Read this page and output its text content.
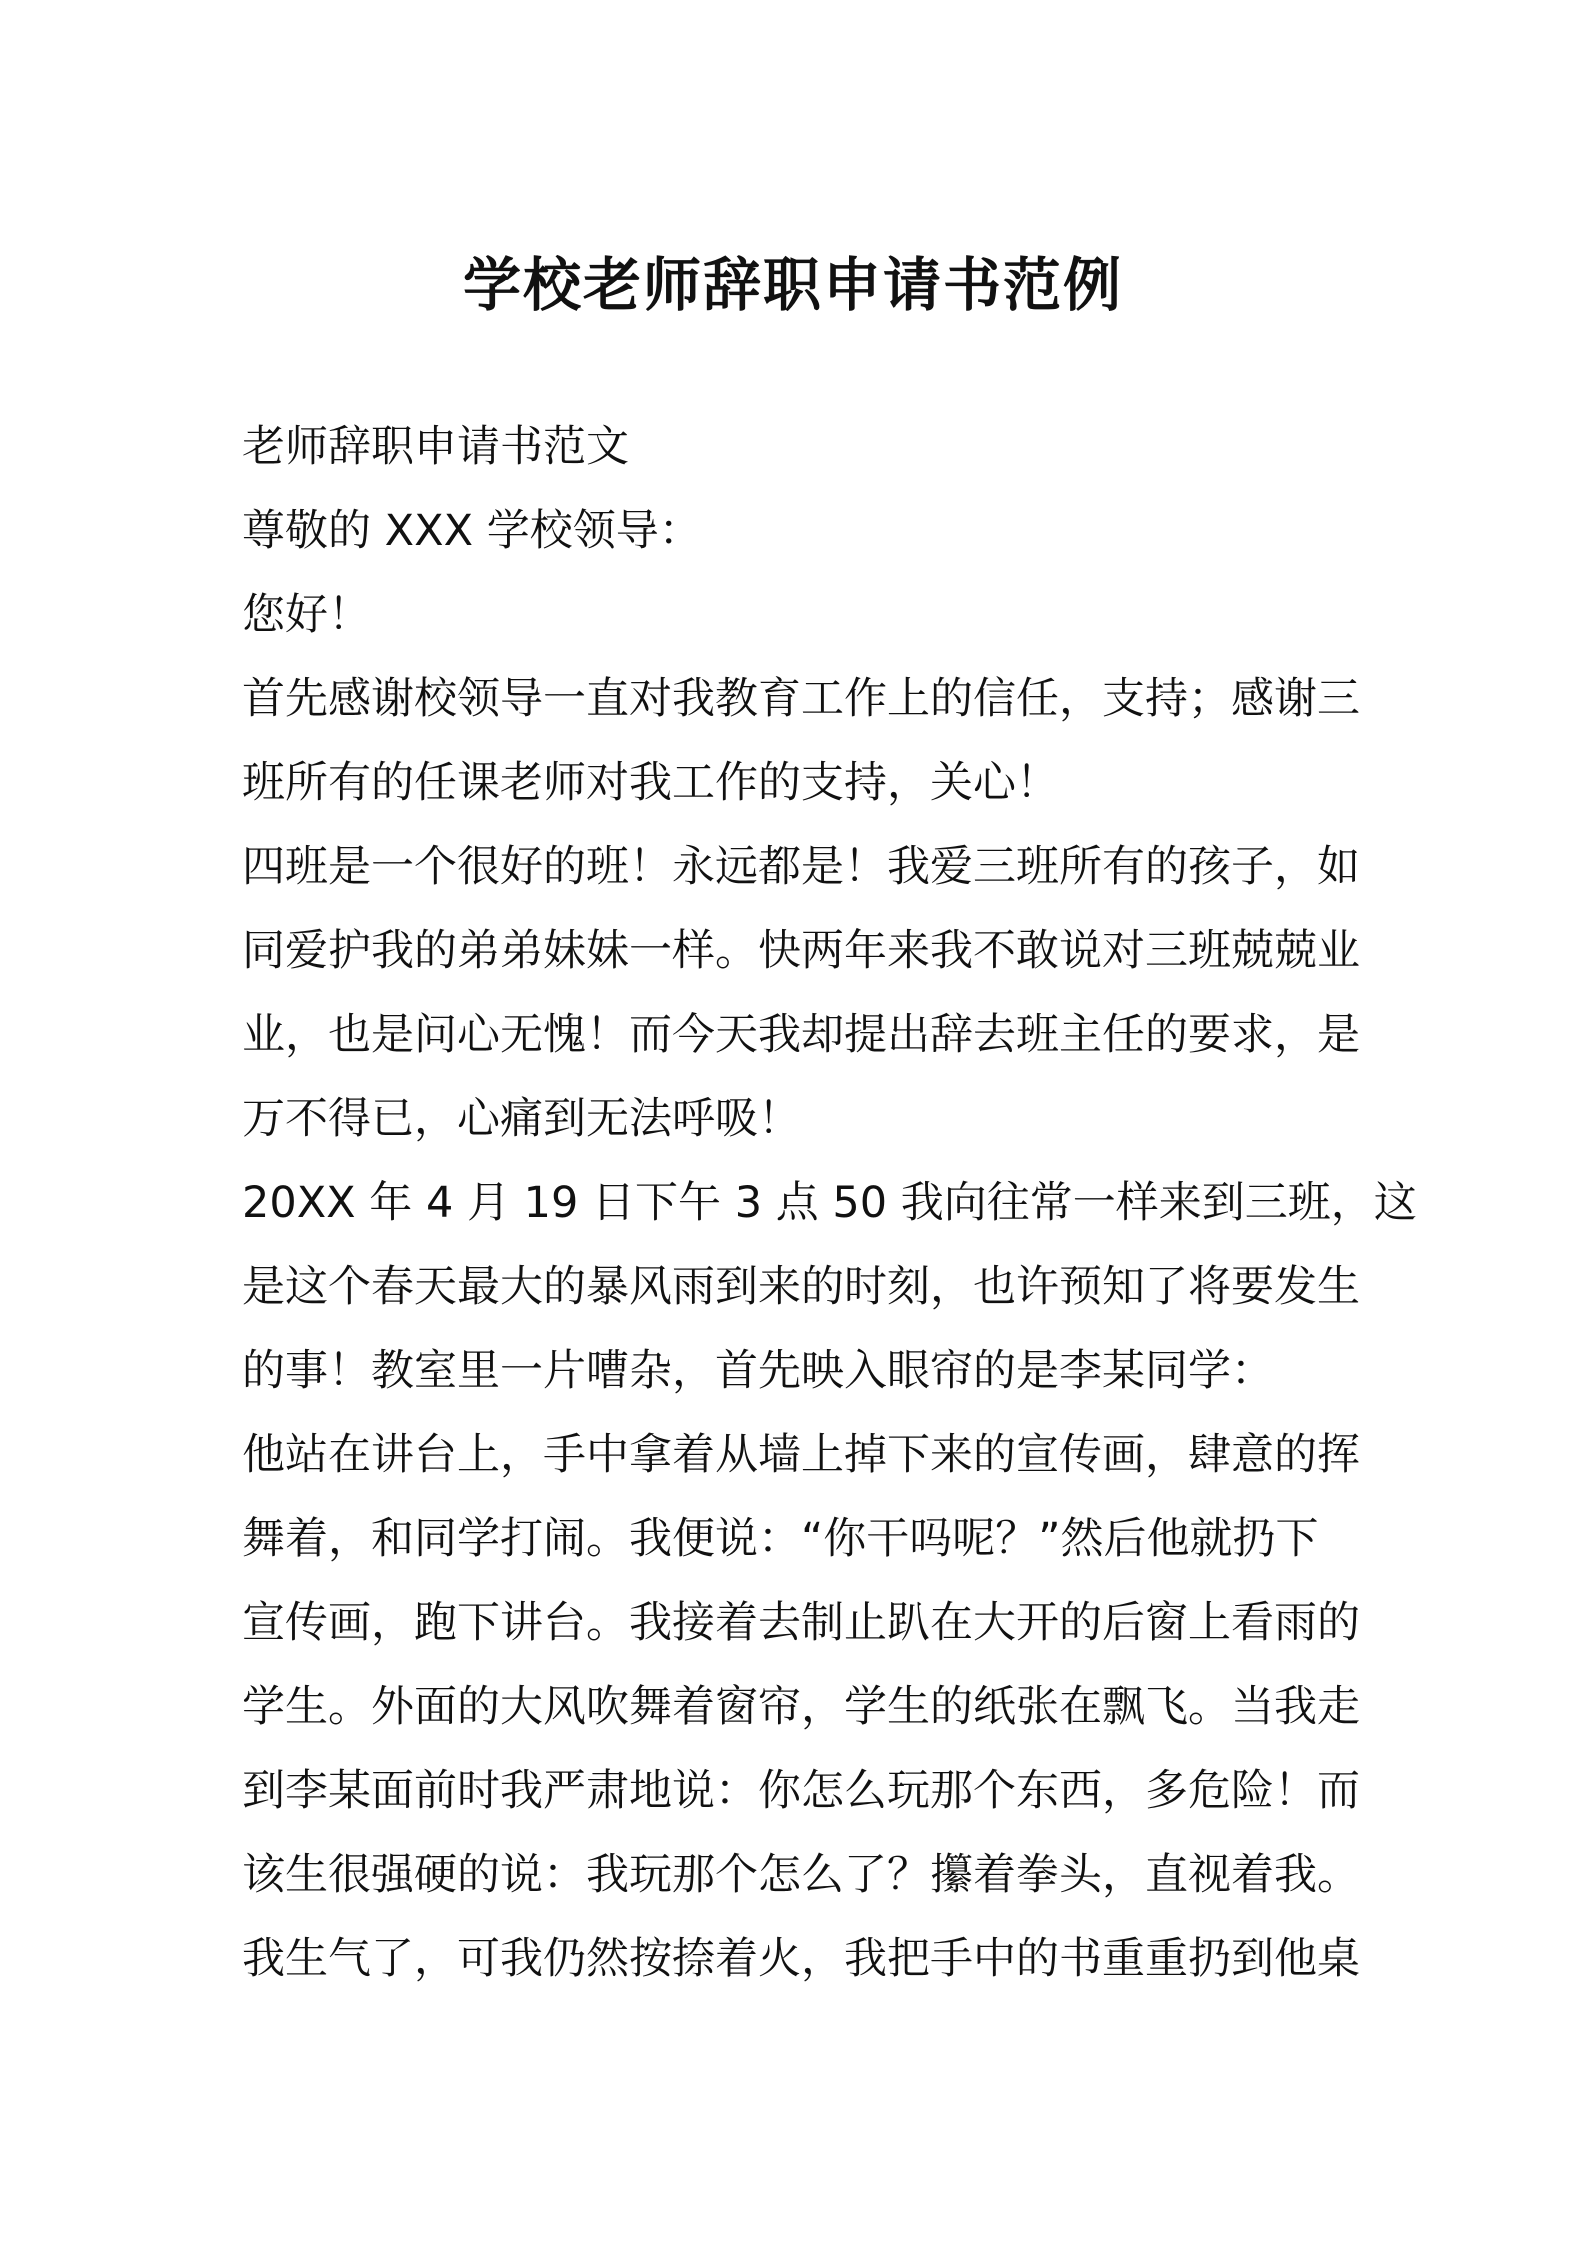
学校老师辞职申请书范例
老师辞职申请书范文
尊敬的 XXX 学校领导：
您好！
首先感谢校领导一直对我教育工作上的信任，支持；感谢三
班所有的任课老师对我工作的支持，关心！
四班是一个很好的班！永远都是！我爱三班所有的孩子，如
同爱护我的弟弟妹妹一样。快两年来我不敢说对三班兢兢业
业，也是问心无愧！而今天我却提出辞去班主任的要求，是
万不得已，心痛到无法呼吸！
20XX 年 4 月 19 日下午 3 点 50 我向往常一样来到三班，这
是这个春天最大的暴风雨到来的时刻，也许预知了将要发生
的事！教室里一片嘈杂，首先映入眼帘的是李某同学：
他站在讲台上，手中拿着从墙上掉下来的宣传画，肆意的挥
舞着，和同学打闹。我便说：“你干吗呢？”然后他就扔下
宣传画，跑下讲台。我接着去制止趴在大开的后窗上看雨的
学生。外面的大风吹舞着窗帘，学生的纸张在飘飞。当我走
到李某面前时我严肃地说：你怎么玩那个东西，多危险！而
该生很强硬的说：我玩那个怎么了？攥着拳头，直视着我。
我生气了，可我仍然按捺着火，我把手中的书重重扔到他桌
